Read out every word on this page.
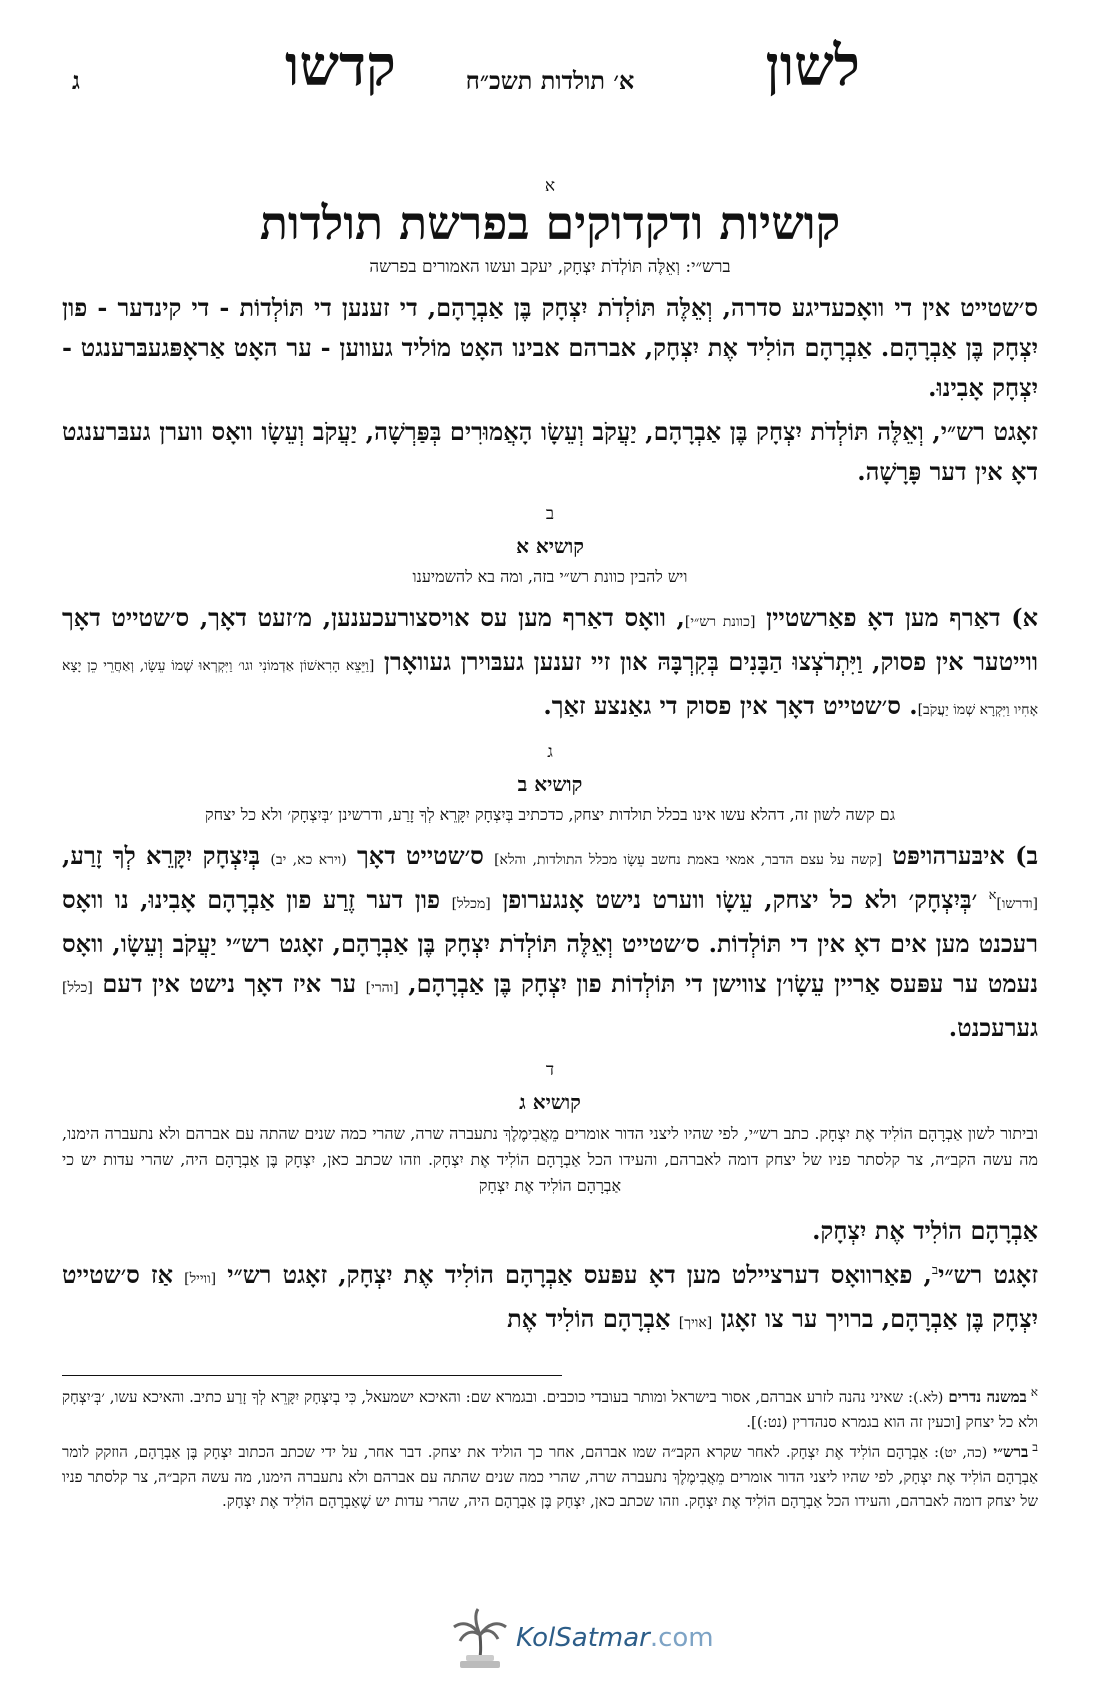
לשון
א׳ תולדות תשכ״ח
קדשו
ג
א
קושיות ודקדוקים בפרשת תולדות
ברש״י: וְאֵלֶּה תּוֹלְדֹת יִצְחָק, יעקב ועשו האמורים בפרשה

ס׳שטייט אין די וואָכעדיגע סדרה, וְאֵלֶּה תּוֹלְדֹת יִצְחָק בֶּן אַבְרָהָם, די זענען די תּוֹלְדוֹת - די קינדער - פון יִצְחָק בֶּן אַבְרָהָם. אַבְרָהָם הוֹלִיד אֶת יִצְחָק, אברהם אבינו האָט מוֹליד געווען - ער האָט אַראָפּגעבּרענגט - יִצְחָק אָבִינוּ.

זאָגט רש״י, וְאֵלֶּה תּוֹלְדֹת יִצְחָק בֶּן אַבְרָהָם, יַעֲקֹב וְעֵשָׂו הָאֲמוּרִים בְּפַּרְשָׁה, יַעֲקֹב וְעֵשָׂו וואָס ווערן געבּרענגט דאָ אין דער פָּרָשָׁה.

ב
קושיא א
ויש להבין כוונת רש״י בזה, ומה בא להשמיענו

א) דאַרף מען דאָ פאַרשטיין [כוונת רש״י], וואָס דאַרף מען עס אויסצורעכענען, מ׳זעט דאָך, ס׳שטייט דאָך ווייטער אין פסוק, וַיִּתְרֹצְצוּ הַבָּנִים בְּקִרְבָּהּ און זיי זענען געבּוירן געוואָרן [וַיֵּצֵא הָרִאשׁוֹן אַדְמוֹנִי וגו׳ וַיִּקְרְאוּ שְׁמוֹ עֵשָׂו, וְאַחֲרֵי כֵן יָצָא אָחִיו וַיִּקְרָא שְׁמוֹ יַעֲקֹב]. ס׳שטייט דאָך אין פסוק די גאַנצע זאַך.

ג
קושיא ב
גם קשה לשון זה, דהלא עשו אינו בכלל תולדות יצחק, כדכתיב בְּיִצְחָק יִקָּרֵא לְךָ זָרַע, ודרשינן ׳בְּיִצְחָק׳ ולא כל יצחק

ב) איבּערהויפּט [קשה על עצם הדבר, אמאי באמת נחשב עֵשָׂו מכלל התולדות, והלא] ס׳שטייט דאָך (וירא כא, יב) בְּיִצְחָק יִקָּרֵא לְךָ זָרַע, [ודרשו]$^א$ ׳בְּיִצְחָק׳ ולא כל יצחק, עֵשָׂו ווערט נישט אָנגערופן [מכלל] פון דער זֶרַע פון אַבְרָהָם אָבִינוּ, נו וואָס רעכנט מען אים דאָ אין די תּוֹלְדוֹת. ס׳שטייט וְאֵלֶּה תּוֹלְדֹת יִצְחָק בֶּן אַבְרָהָם, זאָגט רש״י יַעֲקֹב וְעֵשָׂו, וואָס נעמט ער עפּעס אַריין עֵשָׂו׳ן צווישן די תּוֹלְדוֹת פון יִצְחָק בֶּן אַבְרָהָם, [והרי] ער איז דאָך נישט אין דעם [כלל] גערעכנט.

ד
קושיא ג
וביתור לשון אַבְרָהָם הוֹלִיד אֶת יִצְחָק. כתב רש״י, לפי שהיו ליצני הדור אומרים מֵאֲבִימֶלֶךְ נתעברה שרה, שהרי כמה שנים שהתה עם אברהם ולא נתעברה הימנו, מה עשה הקב״ה, צר קלסתר פניו של יצחק דומה לאברהם, והעידו הכל אַבְרָהָם הוֹלִיד אֶת יִצְחָק. וזהו שכתב כאן, יִצְחָק בֶּן אַבְרָהָם היה, שהרי עדות יש כי אַבְרָהָם הוֹלִיד אֶת יִצְחָק

אַבְרָהָם הוֹלִיד אֶת יִצְחָק.

זאָגט רש״י$^ב$, פאַרוואָס דערציילט מען דאָ עפּעס אַבְרָהָם הוֹלִיד אֶת יִצְחָק, זאָגט רש״י [ווייל] אַז ס׳שטייט יִצְחָק בֶּן אַבְרָהָם, ברויך ער צו זאָגן [אויך] אַבְרָהָם הוֹלִיד אֶת

$^א$במשנה נדרים (לא.): שאיני נהנה לזרע אברהם, אסור בישראל ומותר בעובדי כוכבים. ובגמרא שם: והאיכא ישמעאל, כִּי בְיִצְחָק יִקָּרֵא לְךָ זָרַע כתיב. והאיכא עשו, ׳בְּ׳יִצְחָק ולא כל יצחק [וכעין זה הוא בגמרא סנהדרין (נט:)].

$^ב$ברש״י (כה, יט): אַבְרָהָם הוֹלִיד אֶת יִצְחָק. לאחר שקרא הקב״ה שמו אברהם, אחר כך הוליד את יצחק. דבר אחר, על ידי שכתב הכתוב יִצְחָק בֶּן אַבְרָהָם, הוזקק לומר אַבְרָהָם הוֹלִיד אֶת יִצְחָק, לפי שהיו ליצני הדור אומרים מֵאֲבִימֶלֶךְ נתעברה שרה, שהרי כמה שנים שהתה עם אברהם ולא נתעברה הימנו, מה עשה הקב״ה, צר קלסתר פניו של יצחק דומה לאברהם, והעידו הכל אַבְרָהָם הוֹלִיד אֶת יִצְחָק. וזהו שכתב כאן, יִצְחָק בֶּן אַבְרָהָם היה, שהרי עדות יש שֶׁאַבְרָהָם הוֹלִיד אֶת יִצְחָק.

KolSatmar.com
